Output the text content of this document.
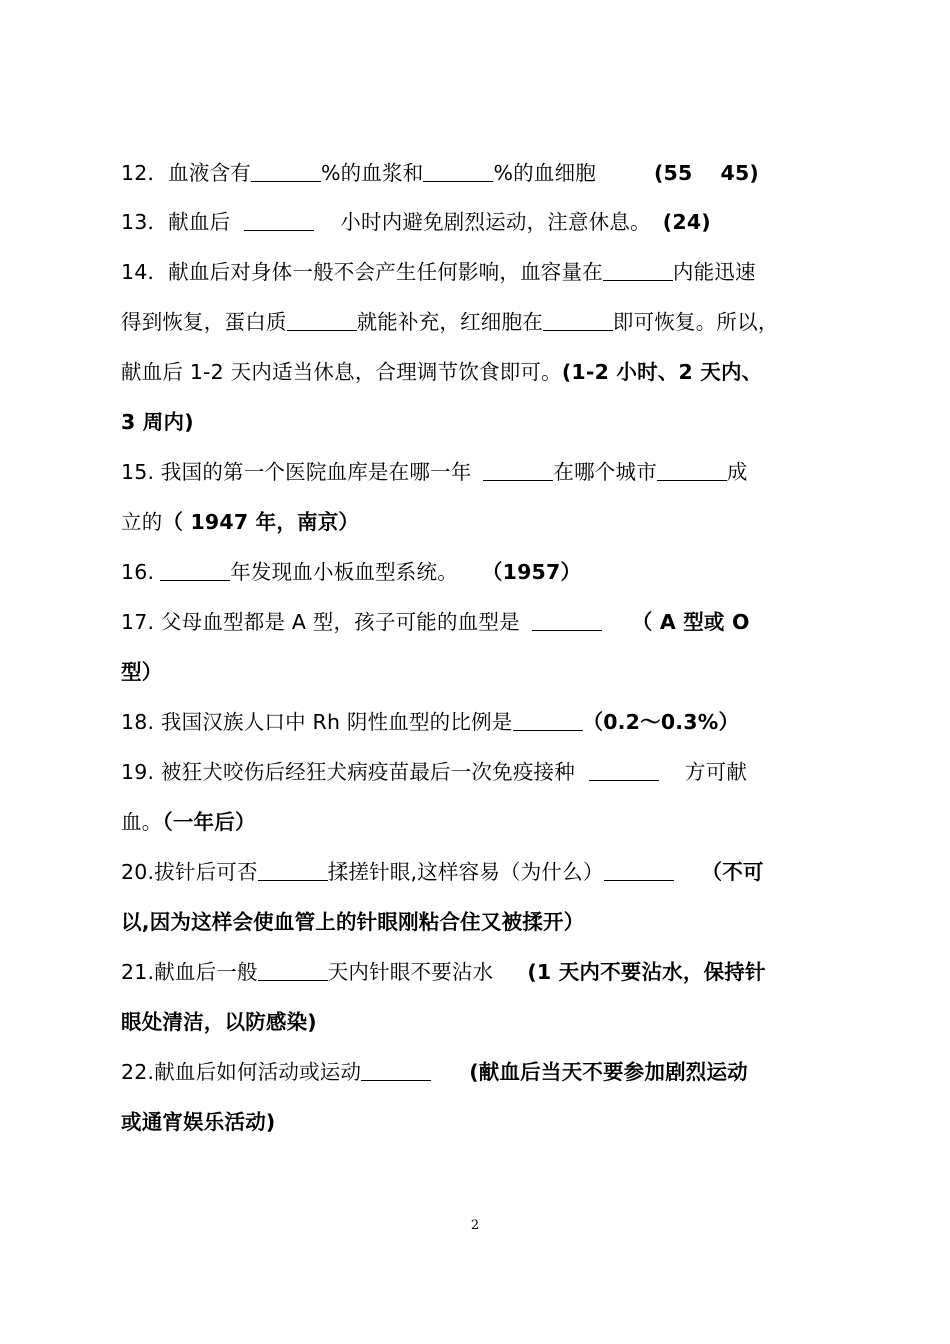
12．血液含有	%的血浆和	%的血细胞	(55　 45)
13．献血后	小时内避免剧烈运动，注意休息。 (24)
14．献血后对身体一般不会产生任何影响，血容量在	内能迅速
得到恢复，蛋白质	就能补充，红细胞在	即可恢复。所以，
献血后 1-2 天内适当休息，合理调节饮食即可。(1-2 小时、2 天内、
3 周内)
15. 我国的第一个医院血库是在哪一年	在哪个城市	成
立的（ 1947 年，南京）
16.	年发现血小板血型系统。 （1957）
17. 父母血型都是 A 型，孩子可能的血型是	（ A 型或 O
型）
18. 我国汉族人口中 Rh 阴性血型的比例是	（0.2～0.3%）
19. 被狂犬咬伤后经狂犬病疫苗最后一次免疫接种	方可献
血。（一年后）
20.拔针后可否	揉搓针眼,这样容易（为什么）	（不可
以,因为这样会使血管上的针眼刚粘合住又被揉开）
21.献血后一般	天内针眼不要沾水 (1 天内不要沾水，保持针
眼处清洁，以防感染)
22.献血后如何活动或运动	(献血后当天不要参加剧烈运动
或通宵娱乐活动)
2
